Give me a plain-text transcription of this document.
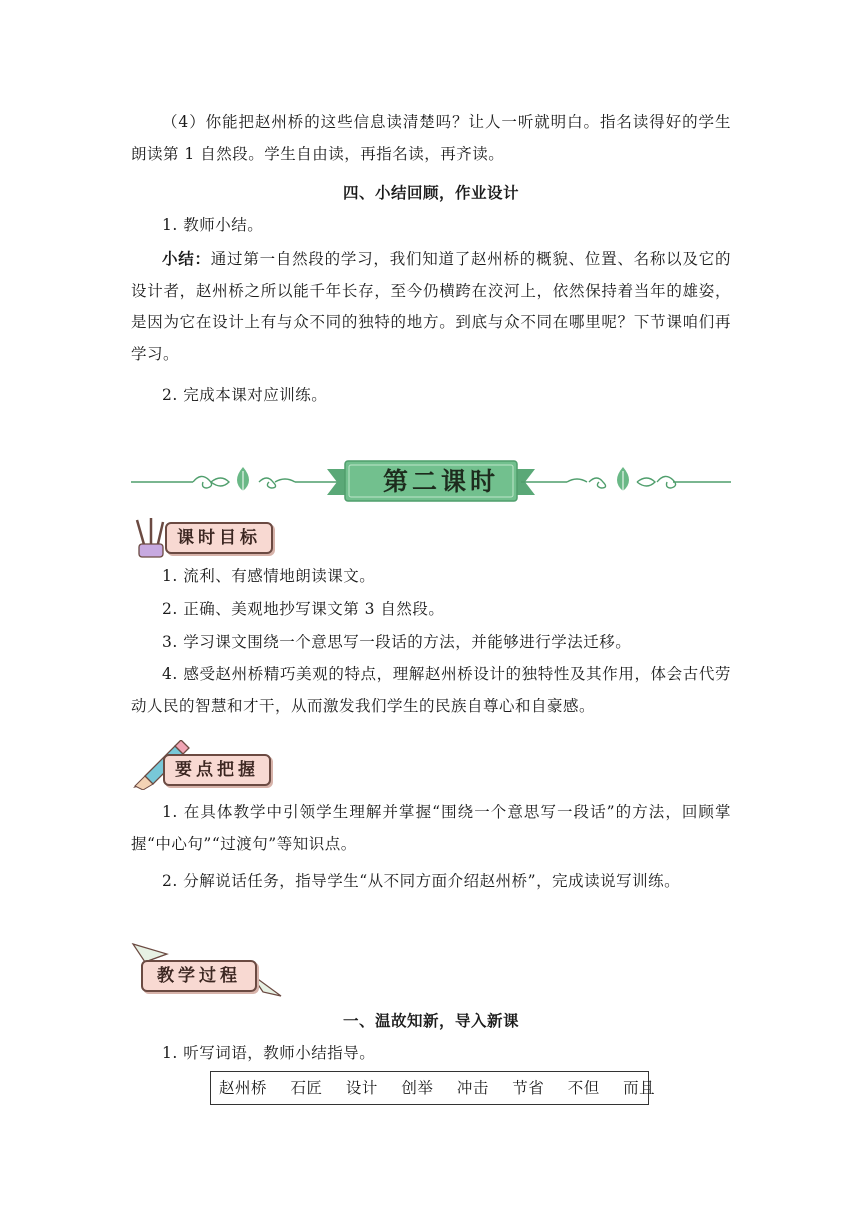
（4）你能把赵州桥的这些信息读清楚吗？让人一听就明白。指名读得好的学生朗读第 1 自然段。学生自由读，再指名读，再齐读。

四、小结回顾，作业设计

1. 教师小结。

小结：通过第一自然段的学习，我们知道了赵州桥的概貌、位置、名称以及它的设计者，赵州桥之所以能千年长存，至今仍横跨在洨河上，依然保持着当年的雄姿，是因为它在设计上有与众不同的独特的地方。到底与众不同在哪里呢？下节课咱们再学习。

2. 完成本课对应训练。

第二课时
课时目标

1. 流利、有感情地朗读课文。

2. 正确、美观地抄写课文第 3 自然段。

3. 学习课文围绕一个意思写一段话的方法，并能够进行学法迁移。

4. 感受赵州桥精巧美观的特点，理解赵州桥设计的独特性及其作用，体会古代劳动人民的智慧和才干，从而激发我们学生的民族自尊心和自豪感。

要点把握

1. 在具体教学中引领学生理解并掌握“围绕一个意思写一段话”的方法，回顾掌握“中心句”“过渡句”等知识点。

2. 分解说话任务，指导学生“从不同方面介绍赵州桥”，完成读说写训练。

教学过程

一、温故知新，导入新课

1. 听写词语，教师小结指导。

赵州桥 石匠 设计 创举 冲击 节省 不但 而且
